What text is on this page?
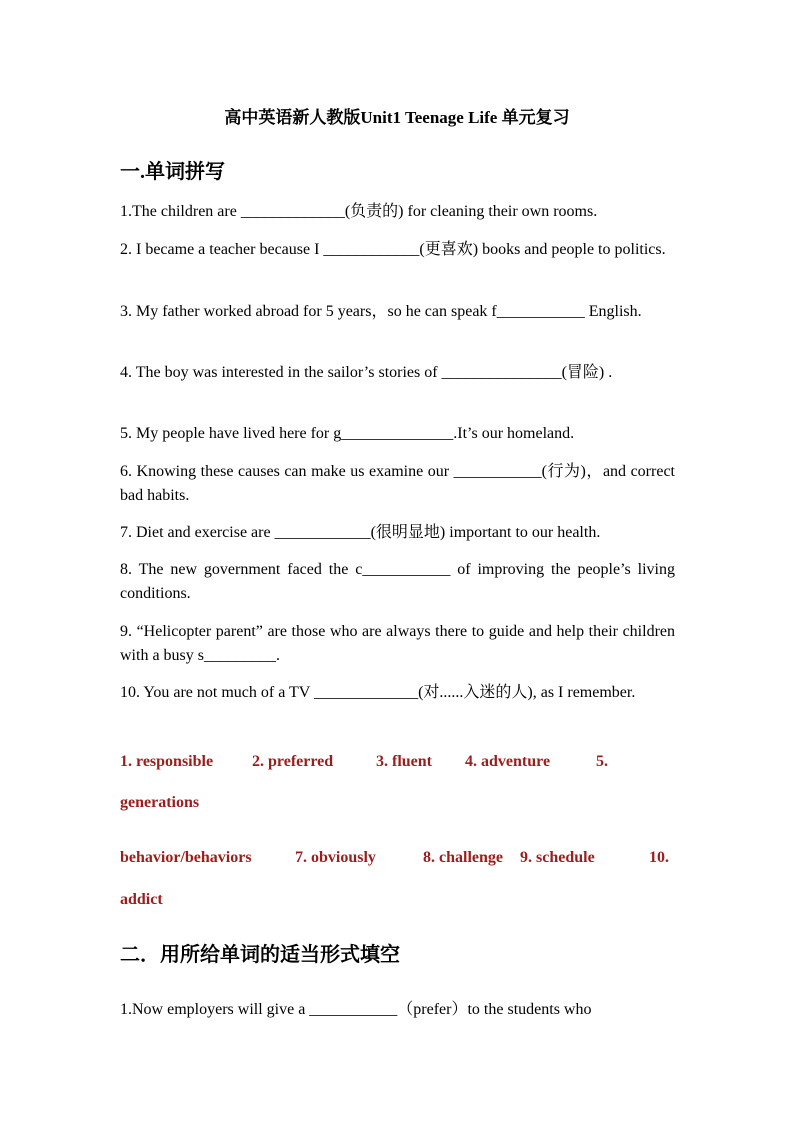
高中英语新人教版Unit1 Teenage Life 单元复习
一.单词拼写
1.The children are _____________(负责的) for cleaning their own rooms.
2. I became a teacher because I ____________(更喜欢) books and people to politics.
3. My father worked abroad for 5 years，so he can speak f___________ English.
4. The boy was interested in the sailor’s stories of _______________(冒险) .
5. My people have lived here for g______________.It’s our homeland.
6. Knowing these causes can make us examine our ___________(行为)，and correct bad habits.
7. Diet and exercise are ____________(很明显地) important to our health.
8. The new government faced the c___________ of improving the people’s living conditions.
9. “Helicopter parent” are those who are always there to guide and help their children with a busy s_________.
10. You are not much of a TV _____________(对......入迷的人), as I remember.
1. responsible 2. preferred	3. fluent 4. adventure	5.
generations
behavior/behaviors	7. obviously	8. challenge 9. schedule	10.
addict
二．用所给单词的适当形式填空
1.Now employers will give a ___________（prefer）to the students who
